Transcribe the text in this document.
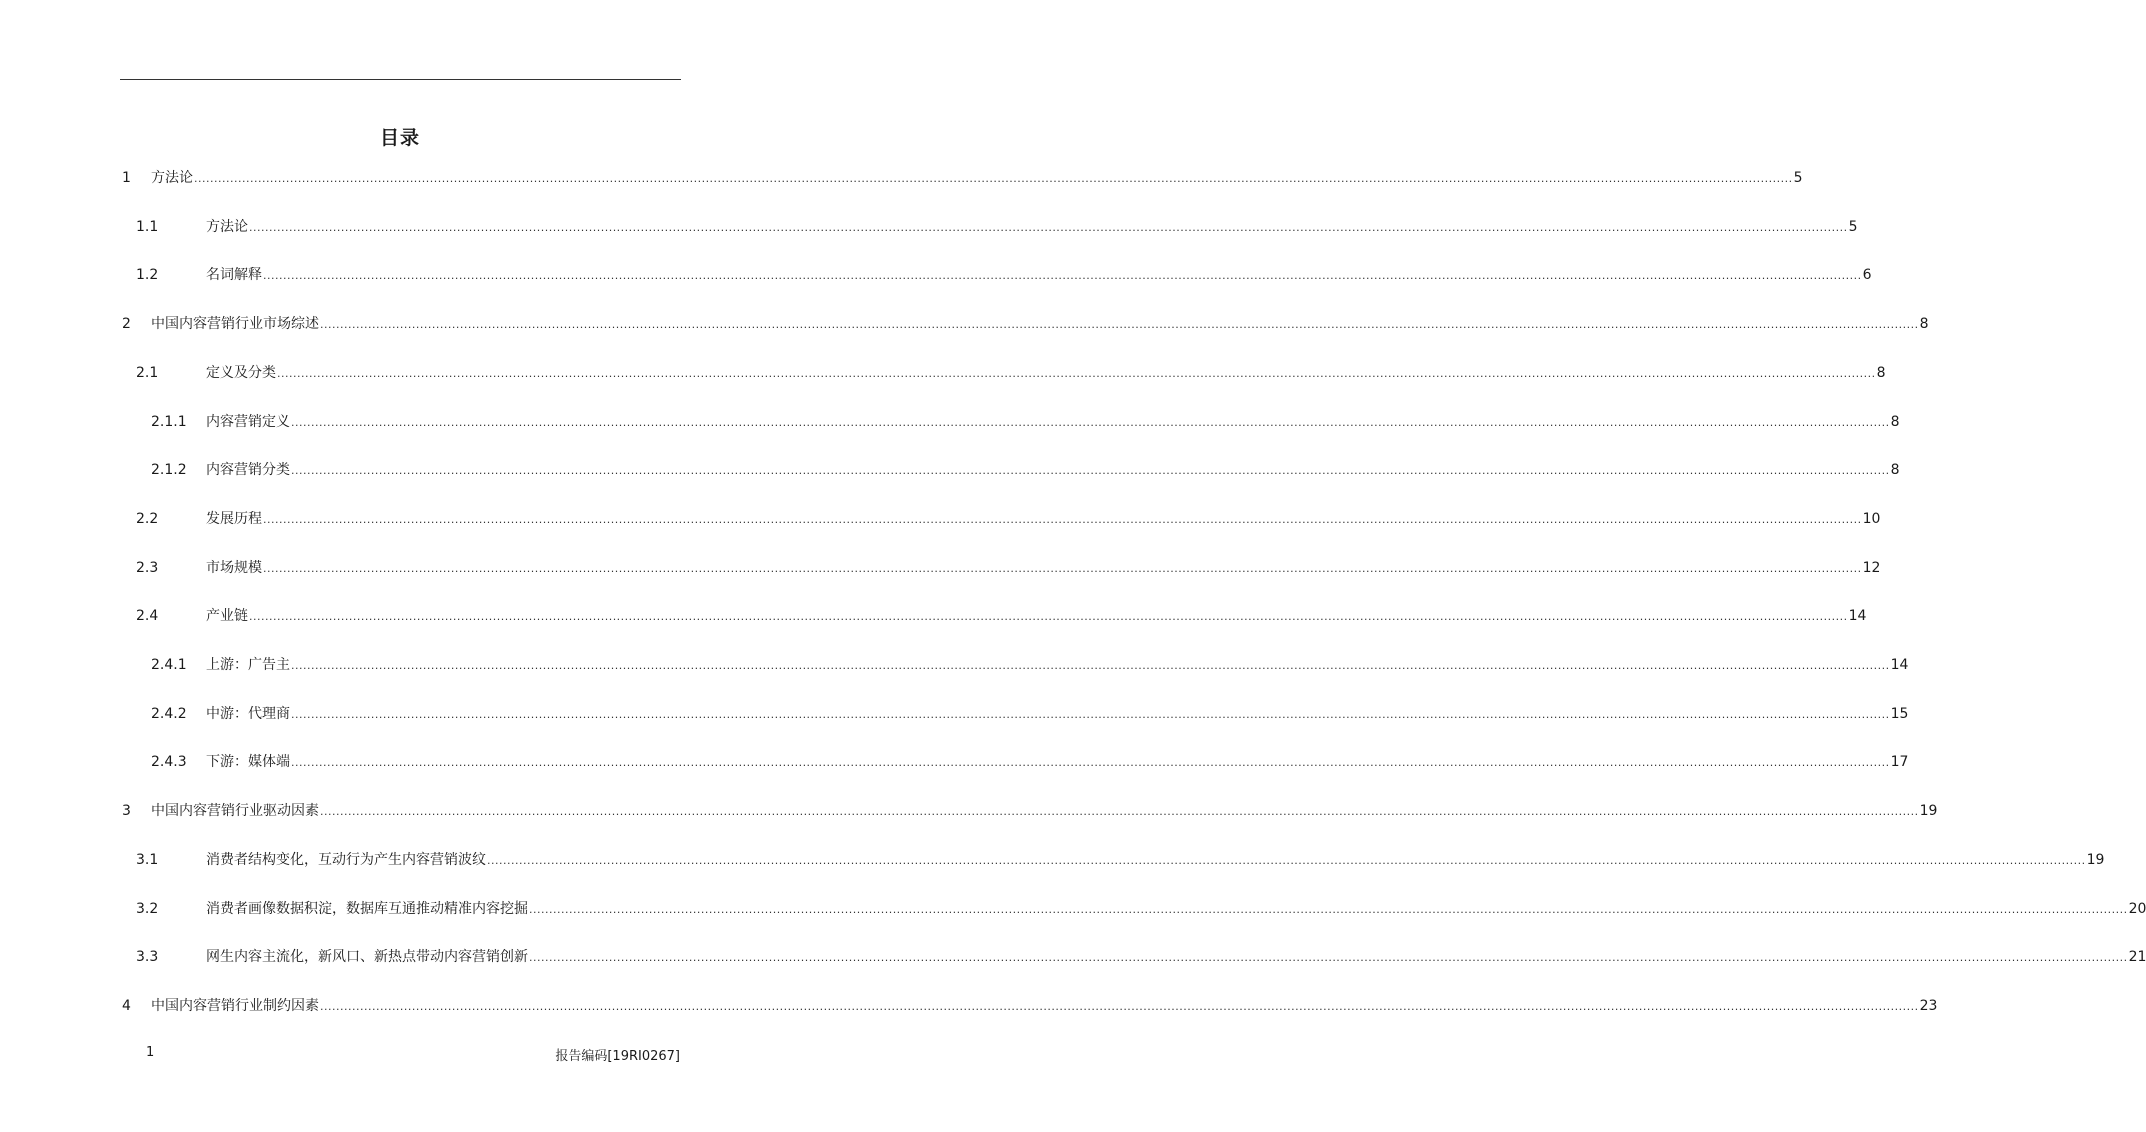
目录
1 方法论 ................................................................................................................................................................................................................................................................................................................................................................................................................ 5
1.1	方法论 ................................................................................................................................................................................................................................................................................................................................................................................................................ 5
1.2	名词解释 ................................................................................................................................................................................................................................................................................................................................................................................................................ 6
2 中国内容营销行业市场综述 ................................................................................................................................................................................................................................................................................................................................................................................................................ 8
2.1	定义及分类 ................................................................................................................................................................................................................................................................................................................................................................................................................ 8
2.1.1 内容营销定义 ................................................................................................................................................................................................................................................................................................................................................................................................................ 8
2.1.2 内容营销分类 ................................................................................................................................................................................................................................................................................................................................................................................................................ 8
2.2	发展历程 ................................................................................................................................................................................................................................................................................................................................................................................................................ 10
2.3	市场规模 ................................................................................................................................................................................................................................................................................................................................................................................................................ 12
2.4	产业链 ................................................................................................................................................................................................................................................................................................................................................................................................................ 14
2.4.1 上游：广告主 ................................................................................................................................................................................................................................................................................................................................................................................................................ 14
2.4.2 中游：代理商 ................................................................................................................................................................................................................................................................................................................................................................................................................ 15
2.4.3 下游：媒体端 ................................................................................................................................................................................................................................................................................................................................................................................................................ 17
3 中国内容营销行业驱动因素 ................................................................................................................................................................................................................................................................................................................................................................................................................ 19
3.1	消费者结构变化，互动行为产生内容营销波纹 ................................................................................................................................................................................................................................................................................................................................................................................................................ 19
3.2	消费者画像数据积淀，数据库互通推动精准内容挖掘 ................................................................................................................................................................................................................................................................................................................................................................................................................ 20
3.3	网生内容主流化，新风口、新热点带动内容营销创新 ................................................................................................................................................................................................................................................................................................................................................................................................................ 21
4 中国内容营销行业制约因素 ................................................................................................................................................................................................................................................................................................................................................................................................................ 23
1	报告编码[19RI0267]
